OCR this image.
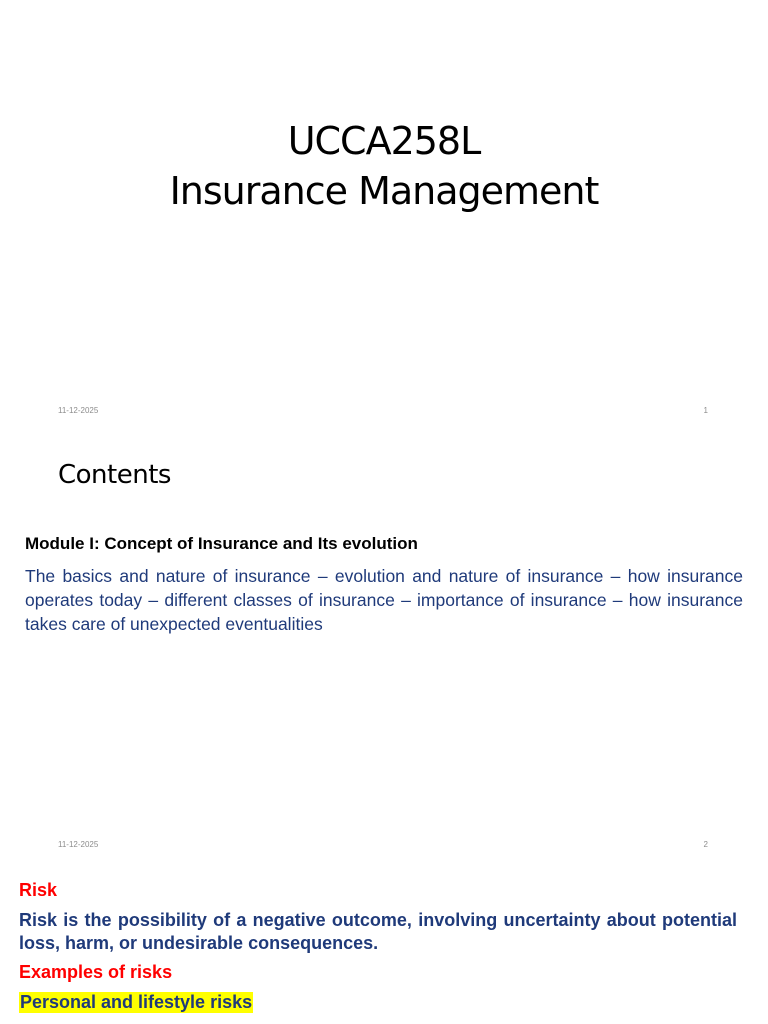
UCCA258L
Insurance Management
11-12-2025	1
Contents
Module I: Concept of Insurance and Its evolution
The basics and nature of insurance – evolution and nature of insurance – how insurance operates today – different classes of insurance – importance of insurance – how insurance takes care of unexpected eventualities
11-12-2025	2
Risk
Risk is the possibility of a negative outcome, involving uncertainty about potential loss, harm, or undesirable consequences.
Examples of risks
Personal and lifestyle risks
